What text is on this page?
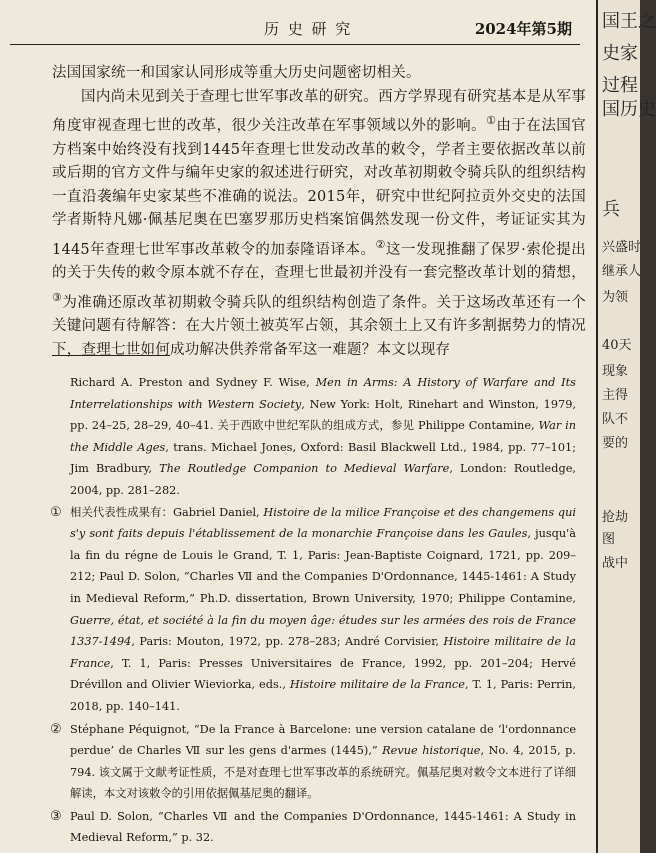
历 史 研 究	2024年第5期

法国国家统一和国家认同形成等重大历史问题密切相关。

国内尚未见到关于查理七世军事改革的研究。西方学界现有研究基本是从军事角度审视查理七世的改革，很少关注改革在军事领域以外的影响。①由于在法国官方档案中始终没有找到1445年查理七世发动改革的敕令，学者主要依据改革以前或后期的官方文件与编年史家的叙述进行研究，对改革初期敕令骑兵队的组织结构一直沿袭编年史家某些不准确的说法。2015年，研究中世纪阿拉贡外交史的法国学者斯特凡娜·佩基尼奥在巴塞罗那历史档案馆偶然发现一份文件，考证证实其为1445年查理七世军事改革敕令的加泰隆语译本。②这一发现推翻了保罗·索伦提出的关于失传的敕令原本就不存在，查理七世最初并没有一套完整改革计划的猜想，③为准确还原改革初期敕令骑兵队的组织结构创造了条件。关于这场改革还有一个关键问题有待解答：在大片领土被英军占领，其余领土上又有许多割据势力的情况下，查理七世如何成功解决供养常备军这一难题？本文以现存

Richard A. Preston and Sydney F. Wise, Men in Arms: A History of Warfare and Its Interrelationships with Western Society, New York: Holt, Rinehart and Winston, 1979, pp. 24–25, 28–29, 40–41. 关于西欧中世纪军队的组成方式，参见 Philippe Contamine, War in the Middle Ages, trans. Michael Jones, Oxford: Basil Blackwell Ltd., 1984, pp. 77–101; Jim Bradbury, The Routledge Companion to Medieval Warfare, London: Routledge, 2004, pp. 281–282.

① 相关代表性成果有：Gabriel Daniel, Histoire de la milice Françoise et des changemens qui s'y sont faits depuis l'établissement de la monarchie Françoise dans les Gaules, jusqu'à la fin du régne de Louis le Grand, T. 1, Paris: Jean-Baptiste Coignard, 1721, pp. 209–212; Paul D. Solon, “Charles Ⅶ and the Companies D'Ordonnance, 1445-1461: A Study in Medieval Reform,” Ph.D. dissertation, Brown University, 1970; Philippe Contamine, Guerre, état, et société à la fin du moyen âge: études sur les armées des rois de France 1337-1494, Paris: Mouton, 1972, pp. 278–283; André Corvisier, Histoire militaire de la France, T. 1, Paris: Presses Universitaires de France, 1992, pp. 201–204; Hervé Drévillon and Olivier Wieviorka, eds., Histoire militaire de la France, T. 1, Paris: Perrin, 2018, pp. 140–141.
② Stéphane Péquignot, “De la France à Barcelone: une version catalane de ‘l'ordonnance perdue’ de Charles Ⅶ sur les gens d'armes (1445),” Revue historique, No. 4, 2015, p. 794. 该文属于文献考证性质，不是对查理七世军事改革的系统研究。佩基尼奥对敕令文本进行了详细解读，本文对该敕令的引用依据佩基尼奥的翻译。
③ Paul D. Solon, “Charles Ⅶ and the Companies D'Ordonnance, 1445-1461: A Study in Medieval Reform,” p. 32.
国王之
史家
过程
国历史
兵
兴盛时
继承人
为领
40天
现象
主得
队不
要的
抢劫
图
战中
